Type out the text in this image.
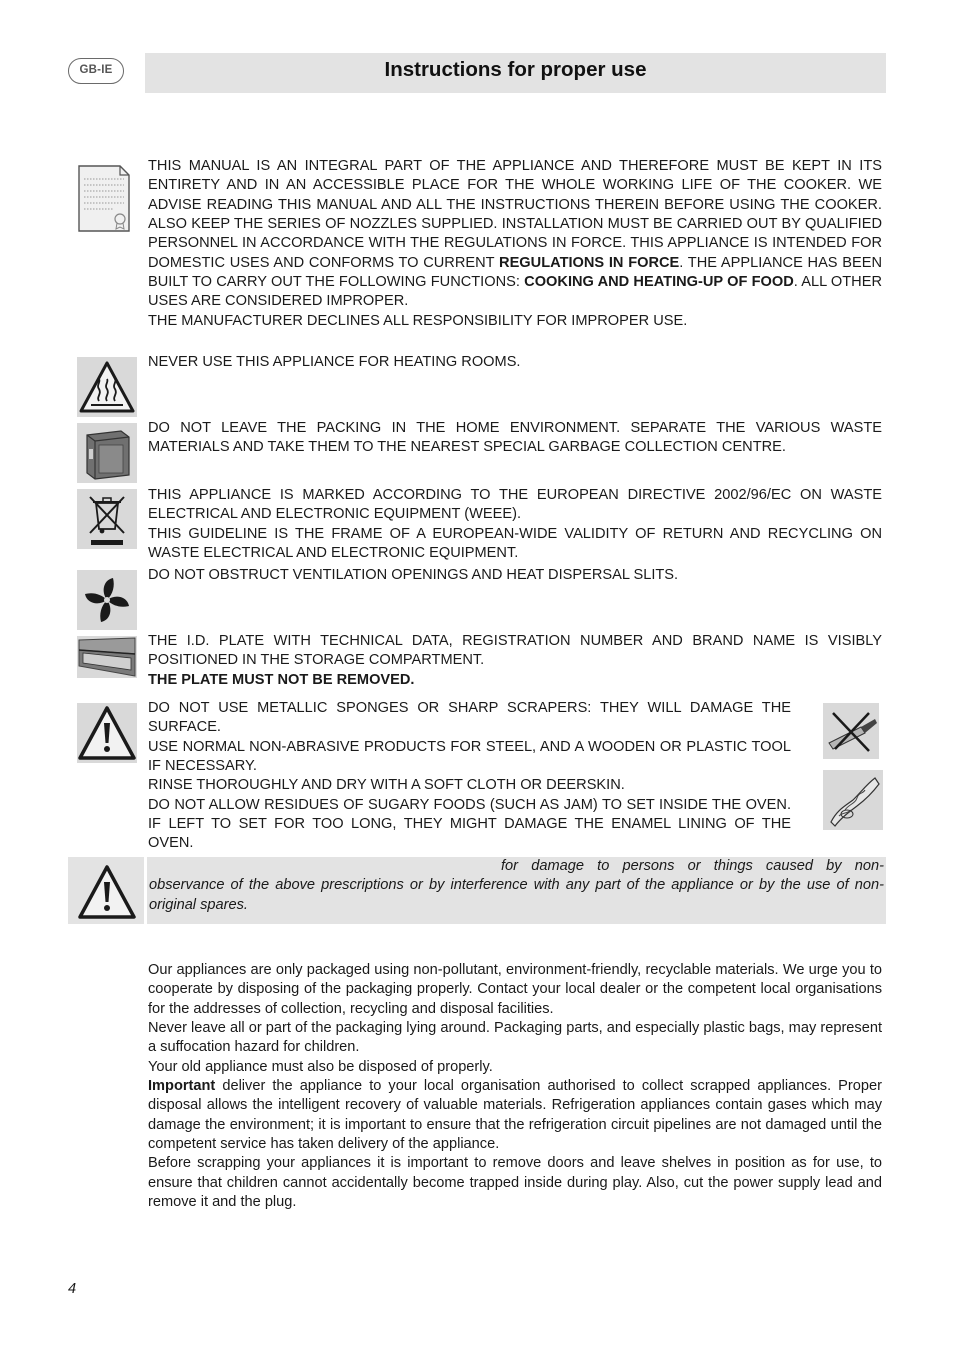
GB-IE	Instructions for proper use

THIS MANUAL IS AN INTEGRAL PART OF THE APPLIANCE AND THEREFORE MUST BE KEPT IN ITS ENTIRETY AND IN AN ACCESSIBLE PLACE FOR THE WHOLE WORKING LIFE OF THE COOKER. WE ADVISE READING THIS MANUAL AND ALL THE INSTRUCTIONS THEREIN BEFORE USING THE COOKER. ALSO KEEP THE SERIES OF NOZZLES SUPPLIED. INSTALLATION MUST BE CARRIED OUT BY QUALIFIED PERSONNEL IN ACCORDANCE WITH THE REGULATIONS IN FORCE. THIS APPLIANCE IS INTENDED FOR DOMESTIC USES AND CONFORMS TO CURRENT REGULATIONS IN FORCE. THE APPLIANCE HAS BEEN BUILT TO CARRY OUT THE FOLLOWING FUNCTIONS: COOKING AND HEATING-UP OF FOOD. ALL OTHER USES ARE CONSIDERED IMPROPER.

THE MANUFACTURER DECLINES ALL RESPONSIBILITY FOR IMPROPER USE.

NEVER USE THIS APPLIANCE FOR HEATING ROOMS.
DO NOT LEAVE THE PACKING IN THE HOME ENVIRONMENT. SEPARATE THE VARIOUS WASTE MATERIALS AND TAKE THEM TO THE NEAREST SPECIAL GARBAGE COLLECTION CENTRE.

THIS APPLIANCE IS MARKED ACCORDING TO THE EUROPEAN DIRECTIVE 2002/96/EC ON WASTE ELECTRICAL AND ELECTRONIC EQUIPMENT (WEEE).

THIS GUIDELINE IS THE FRAME OF A EUROPEAN-WIDE VALIDITY OF RETURN AND RECYCLING ON WASTE ELECTRICAL AND ELECTRONIC EQUIPMENT.

DO NOT OBSTRUCT VENTILATION OPENINGS AND HEAT DISPERSAL SLITS.

THE I.D. PLATE WITH TECHNICAL DATA, REGISTRATION NUMBER AND BRAND NAME IS VISIBLY POSITIONED IN THE STORAGE COMPARTMENT.

THE PLATE MUST NOT BE REMOVED.

DO NOT USE METALLIC SPONGES OR SHARP SCRAPERS: THEY WILL DAMAGE THE SURFACE.

USE NORMAL NON-ABRASIVE PRODUCTS FOR STEEL, AND A WOODEN OR PLASTIC TOOL IF NECESSARY.

RINSE THOROUGHLY AND DRY WITH A SOFT CLOTH OR DEERSKIN.

DO NOT ALLOW RESIDUES OF SUGARY FOODS (SUCH AS JAM) TO SET INSIDE THE OVEN. IF LEFT TO SET FOR TOO LONG, THEY MIGHT DAMAGE THE ENAMEL LINING OF THE OVEN.

for damage to persons or things caused by non-observance of the above prescriptions or by interference with any part of the appliance or by the use of non-original spares.

Our appliances are only packaged using non-pollutant, environment-friendly, recyclable materials. We urge you to cooperate by disposing of the packaging properly. Contact your local dealer or the competent local organisations for the addresses of collection, recycling and disposal facilities.

Never leave all or part of the packaging lying around. Packaging parts, and especially plastic bags, may represent a suffocation hazard for children.

Your old appliance must also be disposed of properly.

Important deliver the appliance to your local organisation authorised to collect scrapped appliances. Proper disposal allows the intelligent recovery of valuable materials. Refrigeration appliances contain gases which may damage the environment; it is important to ensure that the refrigeration circuit pipelines are not damaged until the competent service has taken delivery of the appliance.

Before scrapping your appliances it is important to remove doors and leave shelves in position as for use, to ensure that children cannot accidentally become trapped inside during play. Also, cut the power supply lead and remove it and the plug.

4
